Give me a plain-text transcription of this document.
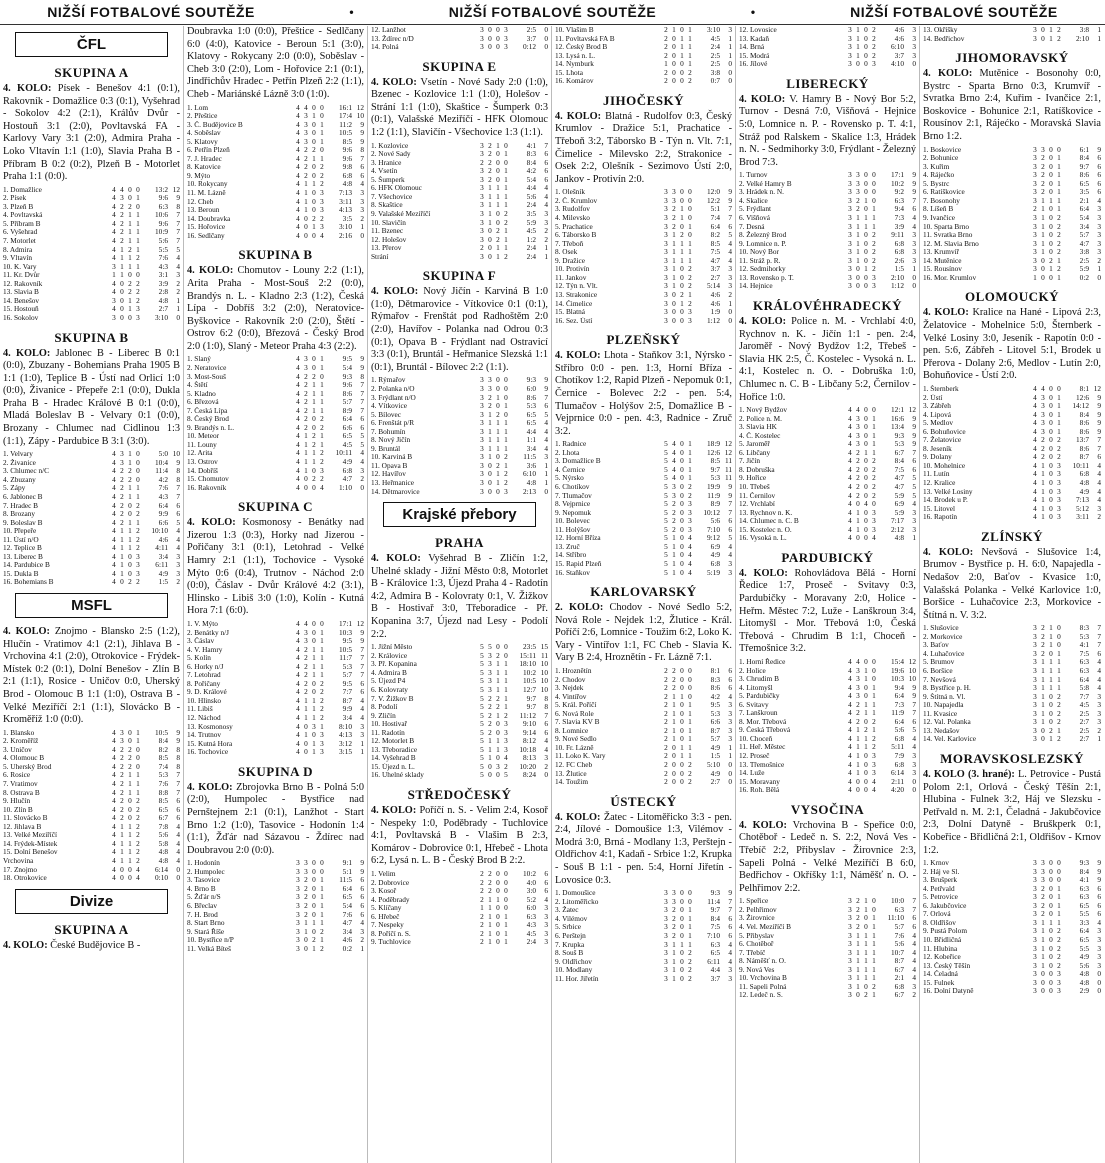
NIŽŠÍ FOTBALOVÉ SOUTĚŽE	•	NIŽŠÍ FOTBALOVÉ SOUTĚŽE	•	NIŽŠÍ FOTBALOVÉ SOUTĚŽE
ČFL
SKUPINA A
4. KOLO: Písek - Benešov 4:1 (0:1), Rakovník - Domažlice 0:3 (0:1), Vyšehrad - Sokolov 4:2 (2:1), Králův Dvůr - Hostouň 3:1 (2:0), Povltavská FA - Karlovy Vary 3:1 (2:0), Admira Praha - Loko Vltavín 1:1 (1:0), Slavia Praha B - Příbram B 0:2 (0:2), Plzeň B - Motorlet Praha 1:1 (0:0).
1. Domažlice	4	4	0	0	13:2	12
2. Písek	4	3	0	1	9:6	9
3. Plzeň B	4	2	2	0	6:3	8
4. Povltavská	4	2	1	1	10:6	7
5. Příbram B	4	2	1	1	9:6	7
6. Vyšehrad	4	2	1	1	10:9	7
7. Motorlet	4	2	1	1	5:6	7
8. Admira	4	1	2	1	5:5	5
9. Vltavín	4	1	1	2	7:6	4
10. K. Vary	3	1	1	1	4:3	4
11. Kr. Dvůr	1	1	0	0	3:1	3
12. Rakovník	4	0	2	2	3:9	2
13. Slavia B	4	0	2	2	2:8	2
14. Benešov	3	0	1	2	4:8	1
15. Hostouň	4	0	1	3	2:7	1
16. Sokolov	3	0	0	3	3:10	0
SKUPINA B
4. KOLO: Jablonec B - Liberec B 0:1 (0:0), Zbuzany - Bohemians Praha 1905 B 1:1 (1:0), Teplice B - Ústí nad Orlicí 1:0 (0:0), Živanice - Přepeře 2:1 (0:0), Dukla Praha B - Hradec Králové B 0:1 (0:0), Mladá Boleslav B - Velvary 0:1 (0:0), Brozany - Chlumec nad Cidlinou 1:3 (1:1), Zápy - Pardubice B 3:1 (3:0).
1. Velvary	4	3	1	0	5:0	10
2. Živanice	4	3	1	0	10:4	9
3. Chlumec n/C	4	2	2	0	11:4	8
4. Zbuzany	4	2	2	0	4:2	8
5. Zápy	4	2	1	1	7:6	7
6. Jablonec B	4	2	1	1	4:3	7
7. Hradec B	4	2	0	2	6:4	6
8. Brozany	4	2	0	2	9:9	6
9. Boleslav B	4	2	1	1	6:6	5
10. Přepeře	4	1	1	2	10:10	4
11. Ústí n/O	4	1	1	2	4:6	4
12. Teplice B	4	1	1	2	4:11	4
13. Liberec B	4	1	0	3	3:4	3
14. Pardubice B	4	1	0	3	6:11	3
15. Dukla B	4	1	0	3	4:9	3
16. Bohemians B	4	0	2	2	1:5	2
MSFL
4. KOLO: Znojmo - Blansko 2:5 (1:2), Hlučín - Vratimov 4:1 (2:1), Jihlava B - Vrchovina 4:1 (2:0), Otrokovice - Frýdek-Místek 0:2 (0:1), Dolní Benešov - Zlín B 2:1 (1:1), Rosice - Uničov 0:0, Uherský Brod - Olomouc B 1:1 (1:0), Ostrava B - Velké Meziříčí 2:1 (1:1), Slovácko B - Kroměříž 1:0 (0:0).
1. Blansko	4	3	0	1	10:5	9
2. Kroměříž	4	3	0	1	8:4	9
3. Uničov	4	2	2	0	8:2	8
4. Olomouc B	4	2	2	0	8:5	8
5. Uherský Brod	4	2	2	0	7:4	8
6. Rosice	4	2	1	1	5:3	7
7. Vratimov	4	2	1	1	7:6	7
8. Ostrava B	4	2	1	1	8:8	7
9. Hlučín	4	2	0	2	8:5	6
10. Zlín B	4	2	0	2	6:5	6
11. Slovácko B	4	2	0	2	6:7	6
12. Jihlava B	4	1	1	2	7:8	4
13. Velké Meziříčí	4	1	1	2	5:6	4
14. Frýdek-Místek	4	1	1	2	5:8	4
15. Dolní Benešov	4	1	1	2	4:8	4
Vrchovina	4	1	1	2	4:8	4
17. Znojmo	4	0	0	4	6:14	0
18. Otrokovice	4	0	0	4	0:10	0
Divize
SKUPINA A
4. KOLO: České Budějovice B -
Doubravka 1:0 (0:0), Přeštice - Sedlčany 6:0 (4:0), Katovice - Beroun 5:1 (3:0), Klatovy - Rokycany 2:0 (0:0), Soběslav - Cheb 3:0 (2:0), Lom - Hořovice 2:1 (0:1), Jindřichův Hradec - Petřín Plzeň 2:2 (1:1), Cheb - Mariánské Lázně 3:0 (1:0).
1. Lom	4	4	0	0	16:1	12
2. Přeštice	4	3	1	0	17:4	10
3. Č. Budějovice B	4	3	0	1	11:2	9
4. Soběslav	4	3	0	1	10:5	9
5. Klatovy	4	3	0	1	8:5	9
6. Petřín Plzeň	4	2	2	0	9:6	8
7. J. Hradec	4	2	1	1	9:6	7
8. Katovice	4	2	0	2	9:8	6
9. Mýto	4	2	0	2	6:8	6
10. Rokycany	4	1	1	2	4:8	4
11. M. Lázně	4	1	0	3	7:13	3
12. Cheb	4	1	0	3	3:11	3
13. Beroun	4	1	0	3	4:13	3
14. Doubravka	4	0	2	2	3:5	2
15. Hořovice	4	0	1	3	3:10	1
16. Sedlčany	4	0	0	4	2:16	0
SKUPINA B
4. KOLO: Chomutov - Louny 2:2 (1:1), Arita Praha - Most-Souš 2:2 (0:0), Brandýs n. L. - Kladno 2:3 (1:2), Česká Lípa - Dobříš 3:2 (2:0), Neratovice-Byškovice - Rakovník 2:0 (2:0), Štětí - Ostrov 6:2 (0:0), Březová - Český Brod 2:0 (1:0), Slaný - Meteor Praha 4:3 (2:2).
1. Slaný	4	3	0	1	9:5	9
2. Neratovice	4	3	0	1	5:4	9
3. Most-Souš	4	2	2	0	9:3	8
4. Štětí	4	2	1	1	9:6	7
5. Kladno	4	2	1	1	8:6	7
6. Březová	4	2	1	1	5:7	7
7. Česká Lípa	4	2	1	1	8:9	7
8. Český Brod	4	2	0	2	6:4	6
9. Brandýs n. L.	4	2	0	2	6:6	6
10. Meteor	4	1	2	1	6:5	5
11. Louny	4	1	2	1	4:5	5
12. Arita	4	1	1	2	10:11	4
13. Ostrov	4	1	1	2	4:9	4
14. Dobříš	4	1	0	3	6:8	3
15. Chomutov	4	0	2	2	4:7	2
16. Rakovník	4	0	0	4	1:10	0
SKUPINA C
4. KOLO: Kosmonosy - Benátky nad Jizerou 1:3 (0:3), Horky nad Jizerou - Pořičany 3:1 (0:1), Letohrad - Velké Hamry 2:1 (1:1), Tochovice - Vysoké Mýto 0:6 (0:4), Trutnov - Náchod 2:0 (0:0), Čáslav - Dvůr Králové 4:2 (3:1), Hlinsko - Libiš 3:0 (1:0), Kolín - Kutná Hora 7:1 (6:0).
1. V. Mýto	4	4	0	0	17:1	12
2. Benátky n/J	4	3	0	1	10:3	9
3. Čáslav	4	3	0	1	9:5	9
4. V. Hamry	4	2	1	1	10:5	7
5. Kolín	4	2	1	1	11:7	7
6. Horky n/J	4	2	1	1	5:3	7
7. Letohrad	4	2	1	1	5:7	7
8. Pořičany	4	2	0	2	9:5	6
9. D. Králové	4	2	0	2	7:7	6
10. Hlinsko	4	1	1	2	8:7	4
11. Libiš	4	1	1	2	9:9	4
12. Náchod	4	1	1	2	3:4	4
13. Kosmonosy	4	0	3	1	8:10	3
14. Trutnov	4	1	0	3	4:13	3
15. Kutná Hora	4	0	1	3	3:12	1
16. Tochovice	4	0	1	3	3:15	1
SKUPINA D
4. KOLO: Zbrojovka Brno B - Polná 5:0 (2:0), Humpolec - Bystřice nad Pernštejnem 2:1 (0:1), Lanžhot - Start Brno 1:2 (1:0), Tasovice - Hodonín 1:4 (1:1), Žďár nad Sázavou - Ždírec nad Doubravou 2:0 (0:0).
1. Hodonín	3	3	0	0	9:1	9
2. Humpolec	3	3	0	0	5:1	9
3. Tasovice	3	2	0	1	11:5	6
4. Brno B	3	2	0	1	6:4	6
5. Žďár n/S	3	2	0	1	6:5	6
6. Břeclav	3	2	0	1	5:4	6
7. H. Brod	3	2	0	1	7:6	6
8. Start Brno	3	1	1	1	4:7	4
9. Stará Říše	3	1	0	2	3:4	3
10. Bystřice n/P	3	0	2	1	4:6	2
11. Velká Bíteš	3	0	1	2	0:2	1
12. Lanžhot	3	0	0	3	2:5	0
13. Ždírec n/D	3	0	0	3	3:7	0
14. Polná	3	0	0	3	0:12	0
SKUPINA E
4. KOLO: Vsetín - Nové Sady 2:0 (1:0), Bzenec - Kozlovice 1:1 (1:0), Holešov - Strání 1:1 (1:0), Skaštice - Šumperk 0:3 (0:1), Valašské Meziříčí - HFK Olomouc 1:2 (1:1), Slavičín - Všechovice 1:3 (1:1).
1. Kozlovice	3	2	1	0	4:1	7
2. Nové Sady	3	2	0	1	8:3	6
3. Hranice	2	2	0	0	8:4	6
4. Vsetín	3	2	0	1	4:2	6
5. Šumperk	3	2	0	1	5:4	6
6. HFK Olomouc	3	1	1	1	4:4	4
7. Všechovice	3	1	1	1	5:6	4
8. Skaštice	3	1	1	1	2:4	4
9. Valašské Meziříčí	3	1	0	2	3:5	3
10. Slavičín	3	1	0	2	5:9	3
11. Bzenec	3	0	2	1	4:5	2
12. Holešov	3	0	2	1	1:2	2
13. Přerov	2	0	1	1	2:4	1
Strání	3	0	1	2	2:4	1
SKUPINA F
4. KOLO: Nový Jičín - Karviná B 1:0 (1:0), Dětmarovice - Vítkovice 0:1 (0:1), Rýmařov - Frenštát pod Radhoštěm 2:0 (2:0), Havířov - Polanka nad Odrou 0:3 (0:1), Opava B - Frýdlant nad Ostravicí 3:3 (0:1), Bruntál - Heřmanice Slezská 1:1 (0:1), Bruntál - Bílovec 2:2 (1:1).
1. Rýmařov	3	3	0	0	9:3	9
2. Polanka n/O	3	3	0	0	6:0	9
3. Frýdlant n/O	3	2	1	0	8:6	7
4. Vítkovice	3	2	0	1	5:3	6
5. Bílovec	3	1	2	0	6:5	5
6. Frenštát p/R	3	1	1	1	6:5	4
7. Bohumín	3	1	1	1	4:4	4
8. Nový Jičín	3	1	1	1	1:1	4
9. Bruntál	3	1	1	1	3:4	4
10. Karviná B	3	1	0	2	11:5	3
11. Opava B	3	0	2	1	3:6	1
12. Havířov	3	0	1	2	6:10	1
13. Heřmanice	3	0	1	2	4:8	1
14. Dětmarovice	3	0	0	3	2:13	0
Krajské přebory
PRAHA
4. KOLO: Vyšehrad B - Zličín 1:2, Uhelné sklady - Jižní Město 0:8, Motorlet B - Královice 1:3, Újezd Praha 4 - Radotín 4:2, Admira B - Kolovraty 0:1, V. Žižkov B - Hostivař 3:0, Třeboradice - Př. Kopanina 3:7, Újezd nad Lesy - Podolí 2:2.
1. Jižní Město	5	5	0	0	23:5	15
2. Královice	5	3	2	0	15:11	11
3. Př. Kopanina	5	3	1	1	18:10	10
4. Admira B	5	3	1	1	10:2	10
5. Újezd P4	5	3	1	1	10:5	10
6. Kolovraty	5	3	1	1	12:7	10
7. V. Žižkov B	5	2	2	1	9:7	8
8. Podolí	5	2	2	1	9:7	8
9. Zličín	5	2	1	2	11:12	7
10. Hostivař	5	2	0	3	9:10	6
11. Radotín	5	2	0	3	9:14	6
12. Motorlet B	5	1	1	3	8:12	4
13. Třeboradice	5	1	1	3	10:18	4
14. Vyšehrad B	5	1	0	4	8:13	3
15. Újezd n. L.	5	0	3	2	10:20	2
16. Uhelné sklady	5	0	0	5	8:24	0
STŘEDOČESKÝ
4. KOLO: Poříčí n. S. - Velim 2:4, Kosoř - Nespeky 1:0, Poděbrady - Tuchlovice 4:1, Povltavská B - Vlašim B 2:3, Komárov - Dobrovice 0:1, Hřebeč - Lhota 6:2, Lysá n. L. B - Český Brod B 2:2.
1. Velim	2	2	0	0	10:2	6
2. Dobrovice	2	2	0	0	4:0	6
3. Kosoř	2	2	0	0	3:0	6
4. Poděbrady	2	1	1	0	5:2	4
5. Klíčany	1	1	0	0	6:0	3
6. Hřebeč	2	1	0	1	6:3	3
7. Nespeky	2	1	0	1	4:3	3
8. Poříčí n. S.	2	1	0	1	4:5	3
9. Tuchlovice	2	1	0	1	2:4	3
10. Vlašim B	2	1	0	1	3:10	3
11. Povltavská FA B	2	0	1	1	4:5	1
12. Český Brod B	2	0	1	1	2:4	1
13. Lysá n. L.	2	0	1	1	2:5	1
14. Nymburk	1	0	0	1	2:5	0
15. Lhota	2	0	0	2	3:8	0
16. Komárov	2	0	0	2	0:7	0
JIHOČESKÝ
4. KOLO: Blatná - Rudolfov 0:3, Český Krumlov - Dražice 5:1, Prachatice - Třeboň 3:2, Táborsko B - Týn n. Vlt. 7:1, Čimelice - Milevsko 2:2, Strakonice - Osek 2:2, Olešník - Sezimovo Ústí 2:0, Jankov - Protivín 2:0.
1. Olešník	3	3	0	0	12:0	9
2. Č. Krumlov	3	3	0	0	12:2	9
3. Rudolfov	3	2	1	0	5:1	7
4. Milevsko	3	2	1	0	7:4	7
5. Prachatice	3	2	0	1	6:4	6
6. Táborsko B	3	1	2	0	8:2	5
7. Třeboň	3	1	1	1	8:5	4
8. Osek	3	1	1	1	7:5	4
9. Dražice	3	1	1	1	4:7	4
10. Protivín	3	1	0	2	3:7	3
11. Jankov	3	1	0	2	2:7	3
12. Týn n. Vlt.	3	1	0	2	5:14	3
13. Strakonice	3	0	2	1	4:6	2
14. Čimelice	3	0	1	2	4:6	1
15. Blatná	3	0	0	3	1:9	0
16. Sez. Ústí	3	0	0	3	1:12	0
PLZEŇSKÝ
4. KOLO: Lhota - Staňkov 3:1, Nýrsko - Stříbro 0:0 - pen. 1:3, Horní Bříza - Chotíkov 1:2, Rapid Plzeň - Nepomuk 0:1, Černice - Bolevec 2:2 - pen. 5:4, Tlumačov - Holýšov 2:5, Domažlice B - Vejprnice 0:0 - pen. 4:3, Radnice - Zruč 3:2.
1. Radnice	5	4	0	1	18:9	12
2. Lhota	5	4	0	1	12:6	12
3. Domažlice B	5	4	0	1	8:5	11
4. Černice	5	4	0	1	9:7	11
5. Nýrsko	5	4	0	1	5:3	11
6. Chotíkov	5	3	0	2	19:9	9
7. Tlumačov	5	3	0	2	11:9	9
8. Vejprnice	5	2	0	3	8:9	7
9. Nepomuk	5	2	0	3	10:12	7
10. Bolevec	5	2	0	3	5:6	6
11. Holýšov	5	2	0	3	7:10	6
12. Horní Bříza	5	1	0	4	9:12	5
13. Zruč	5	1	0	4	6:9	4
14. Stříbro	5	1	0	4	4:9	4
15. Rapid Plzeň	5	1	0	4	6:8	3
16. Staňkov	5	1	0	4	5:19	3
KARLOVARSKÝ
2. KOLO: Chodov - Nové Sedlo 5:2, Nová Role - Nejdek 1:2, Žlutice - Král. Poříčí 2:6, Lomnice - Toužim 6:2, Loko K. Vary - Vintířov 1:1, FC Cheb - Slavia K. Vary B 2:4, Hroznětín - Fr. Lázně 7:1.
1. Hroznětín	2	2	0	0	8:1	6
2. Chodov	2	2	0	0	8:3	6
3. Nejdek	2	2	0	0	8:6	6
4. Vintířov	2	1	1	0	4:2	4
5. Král. Poříčí	2	1	0	1	9:5	3
6. Nová Role	2	1	0	1	5:3	3
7. Slavia KV B	2	1	0	1	6:6	3
8. Lomnice	2	1	0	1	8:7	3
9. Nové Sedlo	2	1	0	1	5:7	3
10. Fr. Lázně	2	0	1	1	4:9	1
11. Loko K. Vary	2	0	1	1	1:5	1
12. FC Cheb	2	0	0	2	5:10	0
13. Žlutice	2	0	0	2	4:9	0
14. Toužim	2	0	0	2	2:7	0
ÚSTECKÝ
4. KOLO: Žatec - Litoměřicko 3:3 - pen. 2:4, Jílové - Domoušice 1:3, Vilémov - Modrá 3:0, Brná - Modlany 1:3, Perštejn - Oldřichov 4:1, Kadaň - Srbice 1:2, Krupka - Souš B 1:1 - pen. 5:4, Horní Jiřetín - Lovosice 0:3.
1. Domoušice	3	3	0	0	9:3	9
2. Litoměřicko	3	3	0	0	11:4	7
3. Žatec	3	2	0	1	9:7	7
4. Vilémov	3	2	0	1	8:4	6
5. Srbice	3	2	0	1	7:5	6
6. Perštejn	3	2	0	1	7:10	6
7. Krupka	3	1	1	1	6:3	4
8. Souš B	3	1	0	2	6:5	4
9. Oldřichov	3	1	0	2	6:11	4
10. Modlany	3	1	0	2	4:4	3
11. Hor. Jiřetín	3	1	0	2	3:7	3
12. Lovosice	3	1	0	2	4:6	3
13. Kadaň	3	1	0	2	4:6	3
14. Brná	3	1	0	2	6:10	3
15. Modrá	3	1	0	2	3:7	3
16. Jílové	3	0	0	3	4:10	0
LIBERECKÝ
4. KOLO: V. Hamry B - Nový Bor 5:2, Turnov - Desná 7:0, Višňová - Hejnice 5:0, Lomnice n. P. - Rovensko p. T. 4:1, Stráž pod Ralskem - Skalice 1:3, Hrádek n. N. - Sedmihorky 3:0, Frýdlant - Železný Brod 7:3.
1. Turnov	3	3	0	0	17:1	9
2. Velké Hamry B	3	3	0	0	10:2	9
3. Hrádek n. N.	3	3	0	0	9:2	9
4. Skalice	3	2	1	0	6:3	7
5. Frýdlant	3	2	0	1	9:4	6
6. Višňová	3	1	1	1	7:3	4
7. Desná	3	1	1	1	3:9	4
8. Železný Brod	3	1	0	2	9:11	3
9. Lomnice n. P.	3	1	0	2	6:8	3
10. Nový Bor	3	1	0	2	6:8	3
11. Stráž p. R.	3	1	0	2	2:6	3
12. Sedmihorky	3	0	1	2	1:5	1
13. Rovensko p. T.	3	0	0	3	2:10	0
14. Hejnice	3	0	0	3	1:12	0
KRÁLOVÉHRADECKÝ
4. KOLO: Police n. M. - Vrchlabí 4:0, Rychnov n. K. - Jičín 1:1 - pen. 2:4, Jaroměř - Nový Bydžov 1:2, Třebeš - Slavia HK 2:5, Č. Kostelec - Vysoká n. L. 4:1, Kostelec n. O. - Dobruška 1:0, Chlumec n. C. B - Libčany 5:2, Černilov - Hořice 1:0.
1. Nový Bydžov	4	4	0	0	12:1	12
2. Police n. M.	4	3	0	1	16:6	9
3. Slavia HK	4	3	0	1	13:4	9
4. Č. Kostelec	4	3	0	1	9:3	9
5. Jaroměř	4	3	0	1	5:3	9
6. Libčany	4	2	1	1	6:7	7
7. Jičín	4	2	0	2	8:4	6
8. Dobruška	4	2	0	2	7:5	6
9. Hořice	4	2	0	2	4:7	5
10. Třebeš	4	2	0	2	4:7	5
11. Černilov	4	2	0	2	5:9	5
12. Vrchlabí	4	0	4	0	6:9	4
13. Rychnov n. K.	4	1	0	3	5:9	3
14. Chlumec n. C. B	4	1	0	3	7:17	3
15. Kostelec n. O.	4	1	0	3	2:12	3
16. Vysoká n. L.	4	0	0	4	4:8	1
PARDUBICKÝ
4. KOLO: Rohovládova Bělá - Horní Ředice 1:7, Proseč - Svitavy 0:3, Pardubičky - Moravany 2:0, Holice - Heřm. Městec 7:2, Luže - Lanškroun 3:4, Litomyšl - Mor. Třebová 1:0, Česká Třebová - Chrudim B 1:1, Choceň - Třemošnice 3:2.
1. Horní Ředice	4	4	0	0	15:4	12
2. Holice	4	3	1	0	19:6	10
3. Chrudim B	4	3	1	0	10:3	10
4. Litomyšl	4	3	0	1	9:4	9
5. Pardubičky	4	3	0	1	6:4	9
6. Svitavy	4	2	1	1	7:3	7
7. Lanškroun	4	2	1	1	11:9	7
8. Mor. Třebová	4	2	0	2	6:4	6
9. Česká Třebová	4	1	2	1	5:6	5
10. Choceň	4	1	1	2	6:8	4
11. Heř. Městec	4	1	1	2	5:11	4
12. Proseč	4	1	0	3	7:9	3
13. Třemošnice	4	1	0	3	6:8	3
14. Luže	4	1	0	3	6:14	3
15. Moravany	4	0	0	4	2:11	0
16. Roh. Bělá	4	0	0	4	4:20	0
VYSOČINA
4. KOLO: Vrchovina B - Speřice 0:0, Chotěboř - Ledeč n. S. 2:2, Nová Ves - Třebíč 2:2, Přibyslav - Žirovnice 2:3, Sapeli Polná - Velké Meziříčí B 6:0, Bedřichov - Okříšky 1:1, Náměšť n. O. - Pelhřimov 2:2.
1. Speřice	3	2	1	0	10:0	7
2. Pelhřimov	3	2	1	0	6:3	7
3. Žirovnice	3	2	0	1	11:10	6
4. Vel. Meziříčí B	3	2	0	1	5:7	6
5. Přibyslav	3	1	1	1	7:6	4
6. Chotěboř	3	1	1	1	5:6	4
7. Třebíč	3	1	1	1	10:7	4
8. Náměšť n. O.	3	1	1	1	8:7	4
9. Nová Ves	3	1	1	1	6:7	4
10. Vrchovina B	3	1	1	1	2:1	4
11. Sapeli Polná	3	1	0	2	6:8	3
12. Ledeč n. S.	3	0	2	1	6:7	2
13. Okříšky	3	0	1	2	3:8	1
14. Bedřichov	3	0	1	2	2:10	1
JIHOMORAVSKÝ
4. KOLO: Mutěnice - Bosonohy 0:0, Bystrc - Sparta Brno 0:3, Krumvíř - Svratka Brno 2:4, Kuřim - Ivančice 2:1, Boskovice - Bohunice 2:1, Ratíškovice - Rousínov 2:1, Rájećko - Moravská Slavia Brno 1:2.
1. Boskovice	3	3	0	0	6:1	9
2. Bohunice	3	2	0	1	8:4	6
3. Kuřim	3	2	0	1	9:7	6
4. Rájećko	3	2	0	1	8:6	6
5. Bystrc	3	2	0	1	6:5	6
6. Ratíškovice	3	2	0	1	3:5	6
7. Bosonohy	3	1	1	1	2:1	4
8. Líšeň B	2	1	0	1	6:4	3
9. Ivančice	3	1	0	2	5:4	3
10. Sparta Brno	3	1	0	2	3:4	3
11. Svratka Brno	3	1	0	2	5:7	3
12. M. Slavia Brno	3	1	0	2	4:7	3
13. Krumvíř	3	1	0	2	3:8	3
14. Mutěnice	3	0	2	1	2:5	2
15. Rousínov	3	0	1	2	5:9	1
16. Mor. Krumlov	1	0	0	1	0:2	0
OLOMOUCKÝ
4. KOLO: Kralice na Hané - Lipová 2:3, Želatovice - Mohelnice 5:0, Šternberk - Velké Losiny 3:0, Jeseník - Rapotín 0:0 - pen. 5:6, Zábřeh - Litovel 5:1, Brodek u Přerova - Dolany 2:6, Medlov - Lutín 2:0, Bohuňovice - Ústí 2:0.
1. Šternberk	4	4	0	0	8:1	12
2. Ústí	4	3	0	1	12:6	9
3. Zábřeh	4	3	0	1	14:12	9
4. Lipová	4	3	0	1	8:4	9
5. Medlov	4	3	0	1	8:6	9
6. Bohuňovice	4	3	0	1	8:6	9
7. Želatovice	4	2	0	2	13:7	7
8. Jeseník	4	2	0	2	8:6	7
9. Dolany	4	2	0	2	8:7	6
10. Mohelnice	4	1	0	3	10:11	4
11. Lutín	4	1	0	3	6:8	4
12. Kralice	4	1	0	3	4:8	4
13. Velké Losiny	4	1	0	3	4:9	4
14. Brodek u P.	4	1	0	3	7:13	4
15. Litovel	4	1	0	3	5:12	3
16. Rapotín	4	1	0	3	3:11	2
ZLÍNSKÝ
4. KOLO: Nevšová - Slušovice 1:4, Brumov - Bystřice p. H. 6:0, Napajedla - Nedašov 2:0, Baťov - Kvasice 1:0, Valašská Polanka - Velké Karlovice 1:0, Boršice - Luhačovice 2:3, Morkovice - Štítná n. V. 3:2.
1. Slušovice	3	2	1	0	8:3	7
2. Morkovice	3	2	1	0	5:3	7
3. Baťov	3	2	1	0	4:1	7
4. Luhačovice	3	2	0	1	7:5	6
5. Brumov	3	1	1	1	6:3	4
6. Boršice	3	1	1	1	6:3	4
7. Nevšová	3	1	1	1	6:4	4
8. Bystřice p. H.	3	1	1	1	5:8	4
9. Štítná n. Vl.	3	1	0	2	7:7	3
10. Napajedla	3	1	0	2	4:5	3
11. Kvasice	3	1	0	2	2:5	3
12. Val. Polanka	3	1	0	2	2:7	3
13. Nedašov	3	0	2	1	2:5	2
14. Vel. Karlovice	3	0	1	2	2:7	1
MORAVSKOSLEZSKÝ
4. KOLO (3. hrané): L. Petrovice - Pustá Polom 2:1, Orlová - Český Těšín 2:1, Hlubina - Fulnek 3:2, Háj ve Slezsku - Petřvald n. M. 2:1, Čeladná - Jakubčovice 2:3, Dolní Datyně - Bruškperk 0:1, Kobeřice - Břidličná 2:1, Oldřišov - Krnov 1:2.
1. Krnov	3	3	0	0	9:3	9
2. Háj ve Sl.	3	3	0	0	8:4	9
3. Brušperk	3	3	0	0	4:1	9
4. Petřvald	3	2	0	1	6:3	6
5. Petrovice	3	2	0	1	6:3	6
6. Jakubčovice	3	2	0	1	6:5	6
7. Orlová	3	2	0	1	5:5	6
8. Oldřišov	3	1	1	1	3:3	4
9. Pustá Polom	3	1	0	2	6:4	3
10. Břidličná	3	1	0	2	6:5	3
11. Hlubina	3	1	0	2	5:5	3
12. Kobeřice	3	1	0	2	4:9	3
13. Český Těšín	3	1	0	2	5:6	3
14. Čeladná	3	0	0	3	4:8	0
15. Fulnek	3	0	0	3	4:8	0
16. Dolní Datyně	3	0	0	3	2:9	0
